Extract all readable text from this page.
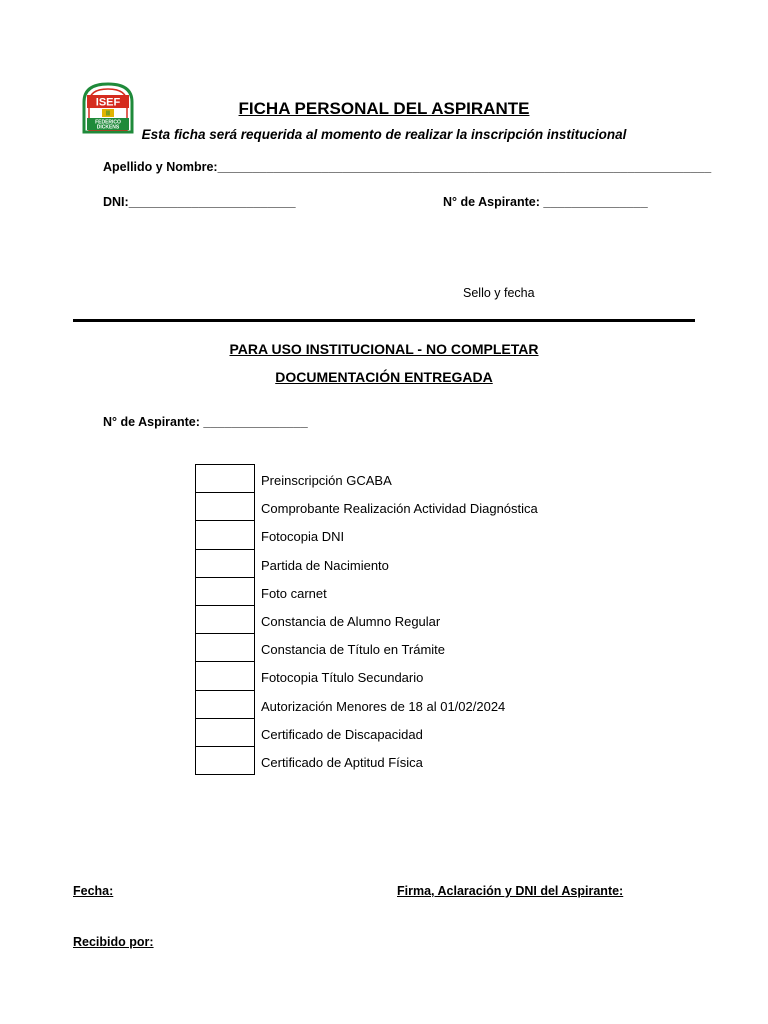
ISEF
II
FEDERICO
DICKENS
FICHA PERSONAL DEL ASPIRANTE
Esta ficha será requerida al momento de realizar la inscripción institucional
Apellido y Nombre:_______________________________________________________________________
DNI:________________________	N° de Aspirante: _______________
Sello y fecha
PARA USO INSTITUCIONAL - NO COMPLETAR
DOCUMENTACIÓN ENTREGADA
N° de Aspirante: _______________
Preinscripción GCABA
Comprobante Realización Actividad Diagnóstica
Fotocopia DNI
Partida de Nacimiento
Foto carnet
Constancia de Alumno Regular
Constancia de Título en Trámite
Fotocopia Título Secundario
Autorización Menores de 18 al 01/02/2024
Certificado de Discapacidad
Certificado de Aptitud Física
Fecha:	Firma, Aclaración y DNI del Aspirante:
Recibido por:
